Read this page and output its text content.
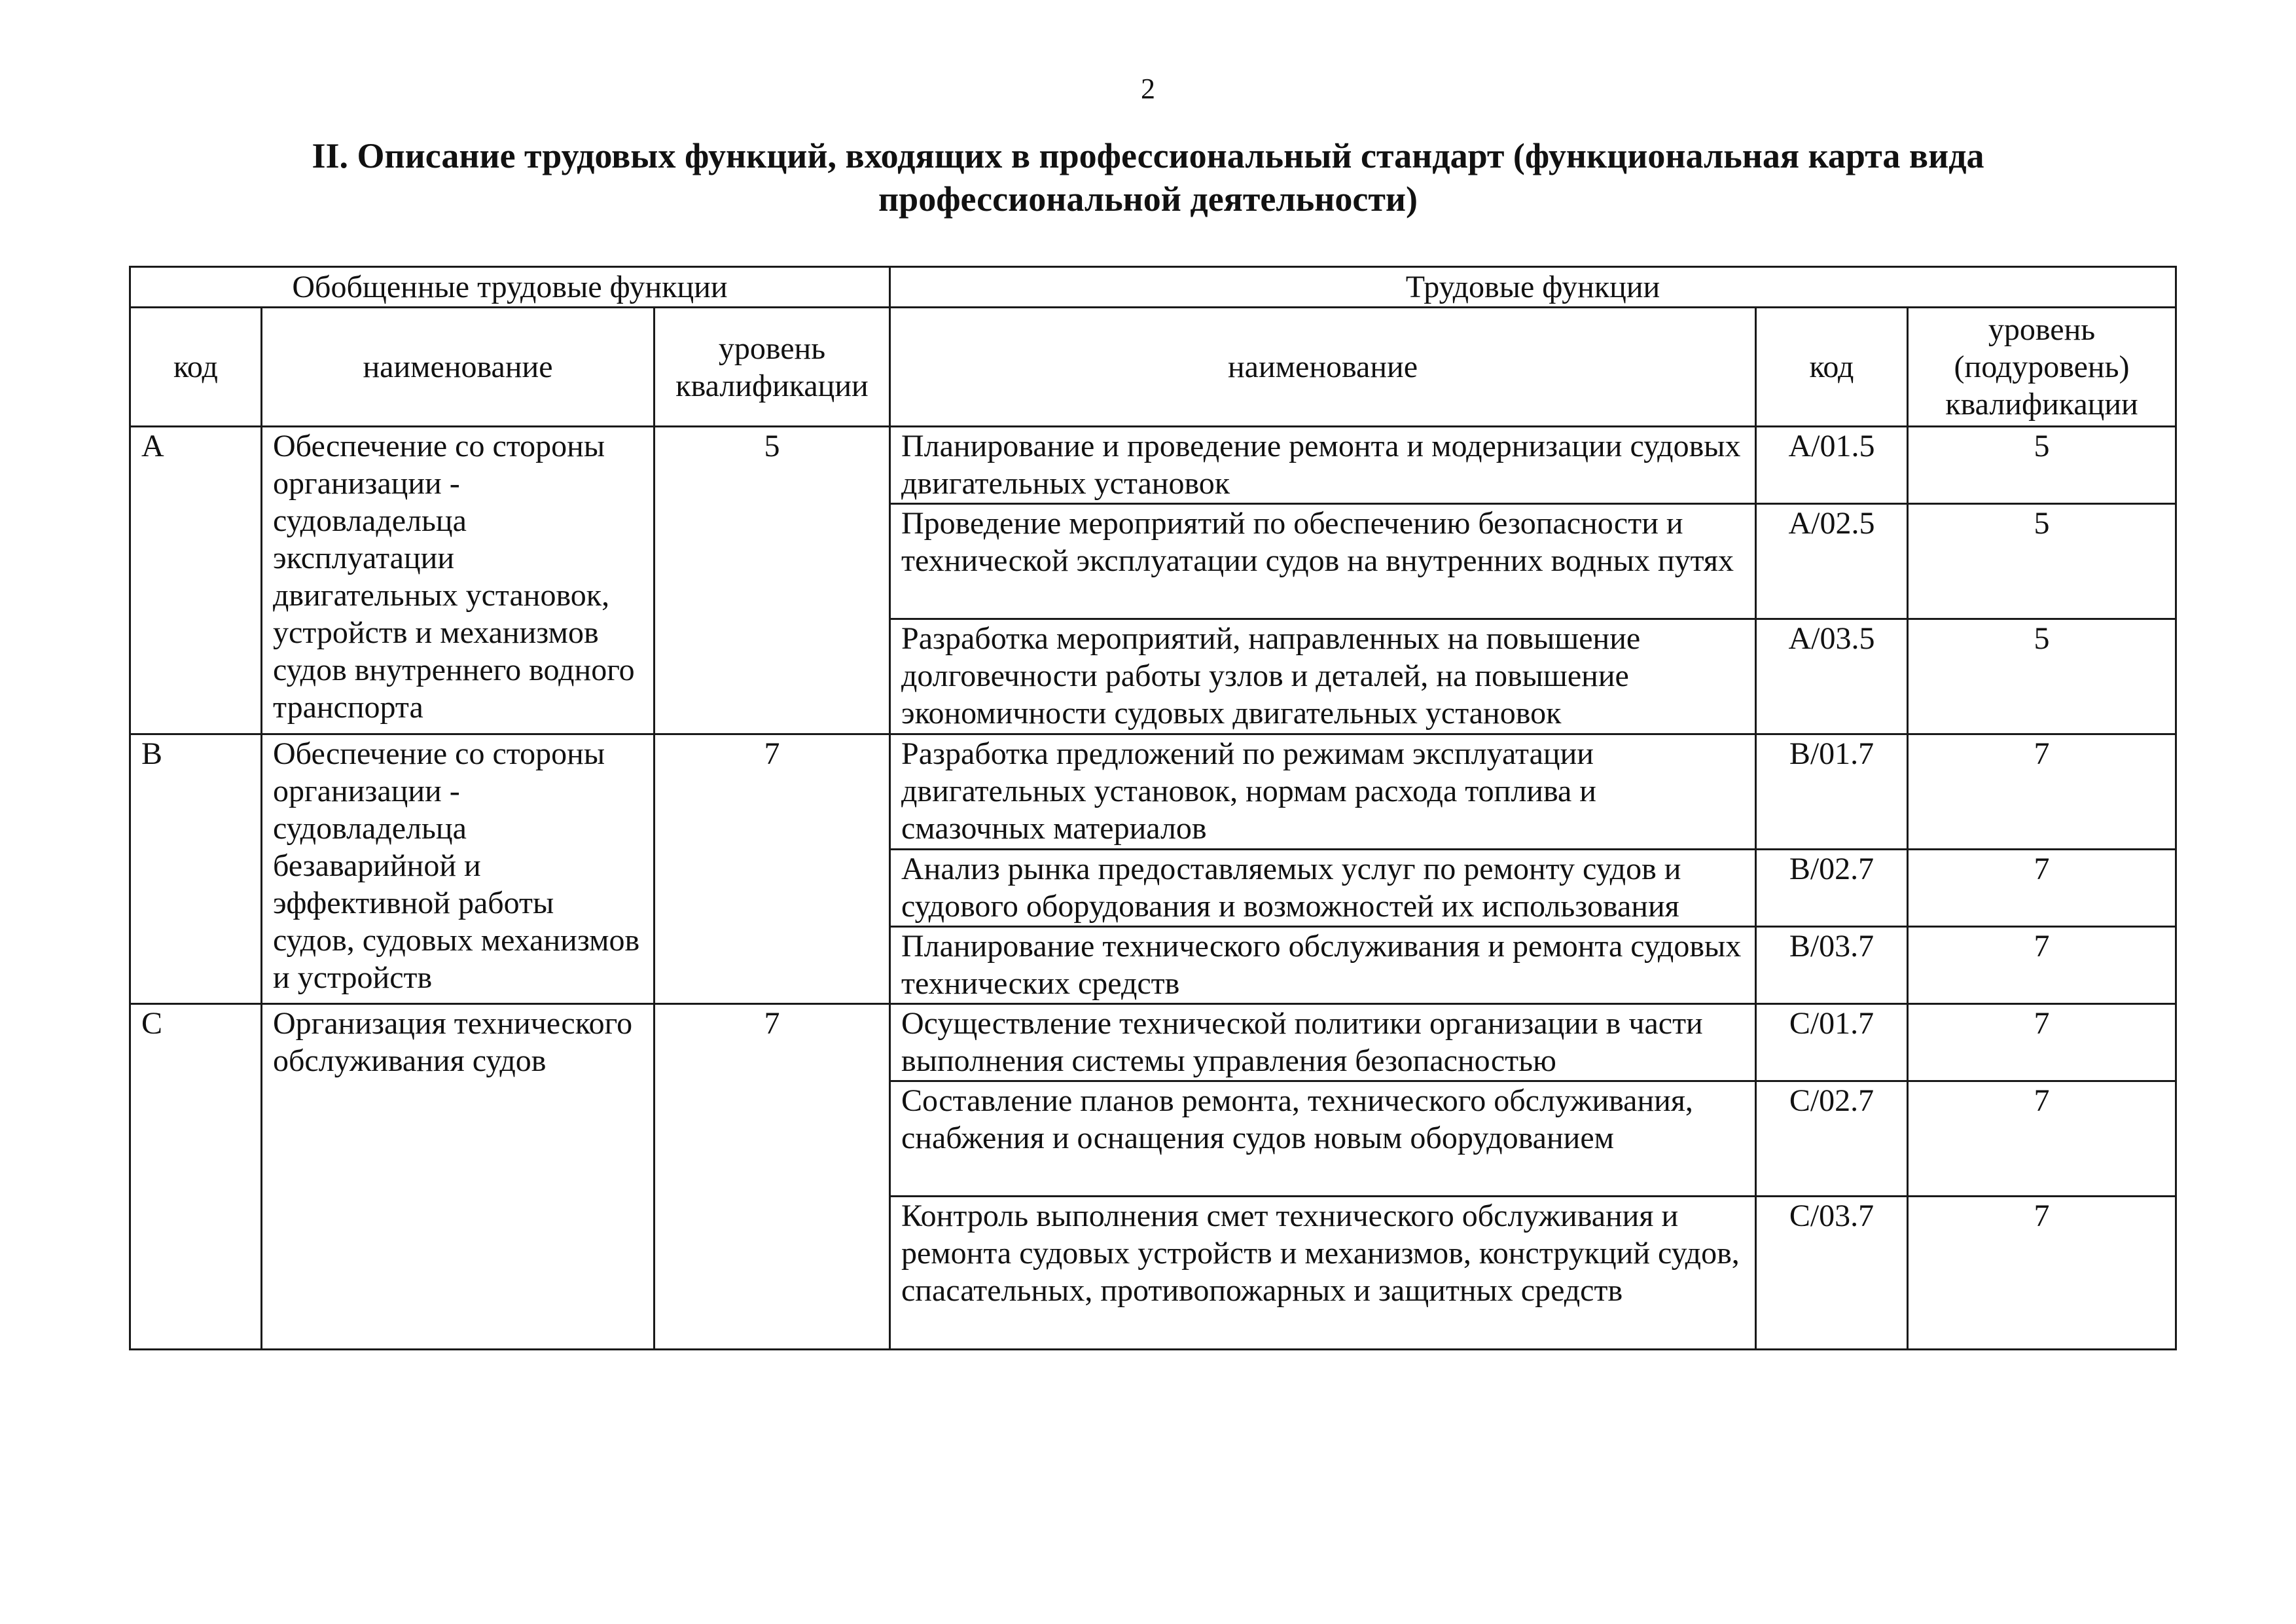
2
II. Описание трудовых функций, входящих в профессиональный стандарт (функциональная карта вида
профессиональной деятельности)
Обобщенные трудовые функции			Трудовые функции		
код	наименование	уровень квалификации	наименование	код	уровень (подуровень) квалификации
A	Обеспечение со стороны организации - судовладельца эксплуатации двигательных установок, устройств и механизмов судов внутреннего водного транспорта	5	Планирование и проведение ремонта и модернизации судовых двигательных установок	A/01.5	5
			Проведение мероприятий по обеспечению безопасности и технической эксплуатации судов на внутренних водных путях	A/02.5	5
			Разработка мероприятий, направленных на повышение долговечности работы узлов и деталей, на повышение экономичности судовых двигательных установок	A/03.5	5
B	Обеспечение со стороны организации - судовладельца безаварийной и эффективной работы судов, судовых механизмов и устройств	7	Разработка предложений по режимам эксплуатации двигательных установок, нормам расхода топлива и смазочных материалов	B/01.7	7
			Анализ рынка предоставляемых услуг по ремонту судов и судового оборудования и возможностей их использования	B/02.7	7
			Планирование технического обслуживания и ремонта судовых технических средств	B/03.7	7
C	Организация технического обслуживания судов	7	Осуществление технической политики организации в части выполнения системы управления безопасностью	C/01.7	7
			Составление планов ремонта, технического обслуживания, снабжения и оснащения судов новым оборудованием	C/02.7	7
			Контроль выполнения смет технического обслуживания и ремонта судовых устройств и механизмов, конструкций судов, спасательных, противопожарных и защитных средств	C/03.7	7
